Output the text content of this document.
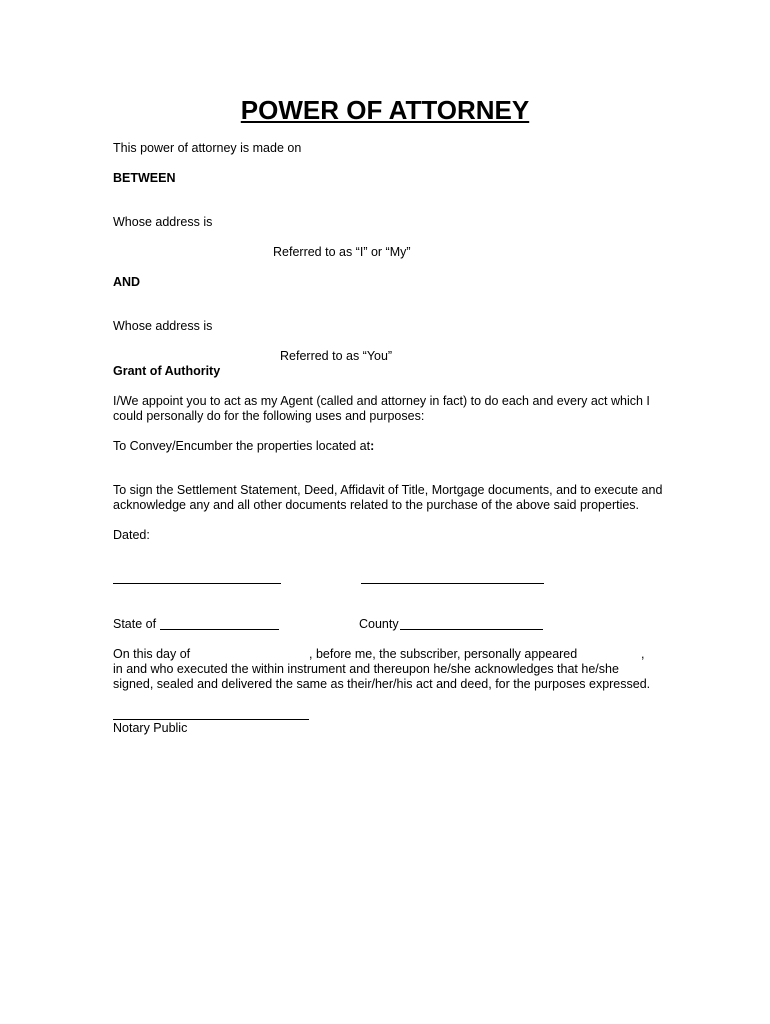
POWER OF ATTORNEY
This power of attorney is made on
BETWEEN
Whose address is
Referred to as “I” or “My”
AND
Whose address is
Referred to as “You”
Grant of Authority
I/We appoint you to act as my Agent (called and attorney in fact) to do each and every act which I
could personally do for the following uses and purposes:
To Convey/Encumber the properties located at:
To sign the Settlement Statement, Deed, Affidavit of Title, Mortgage documents, and to execute and
acknowledge any and all other documents related to the purchase of the above said properties.
Dated:
State of	County
On this day of	, before me, the subscriber, personally appeared	,
in and who executed the within instrument and thereupon he/she acknowledges that he/she
signed, sealed and delivered the same as their/her/his act and deed, for the purposes expressed.
Notary Public
